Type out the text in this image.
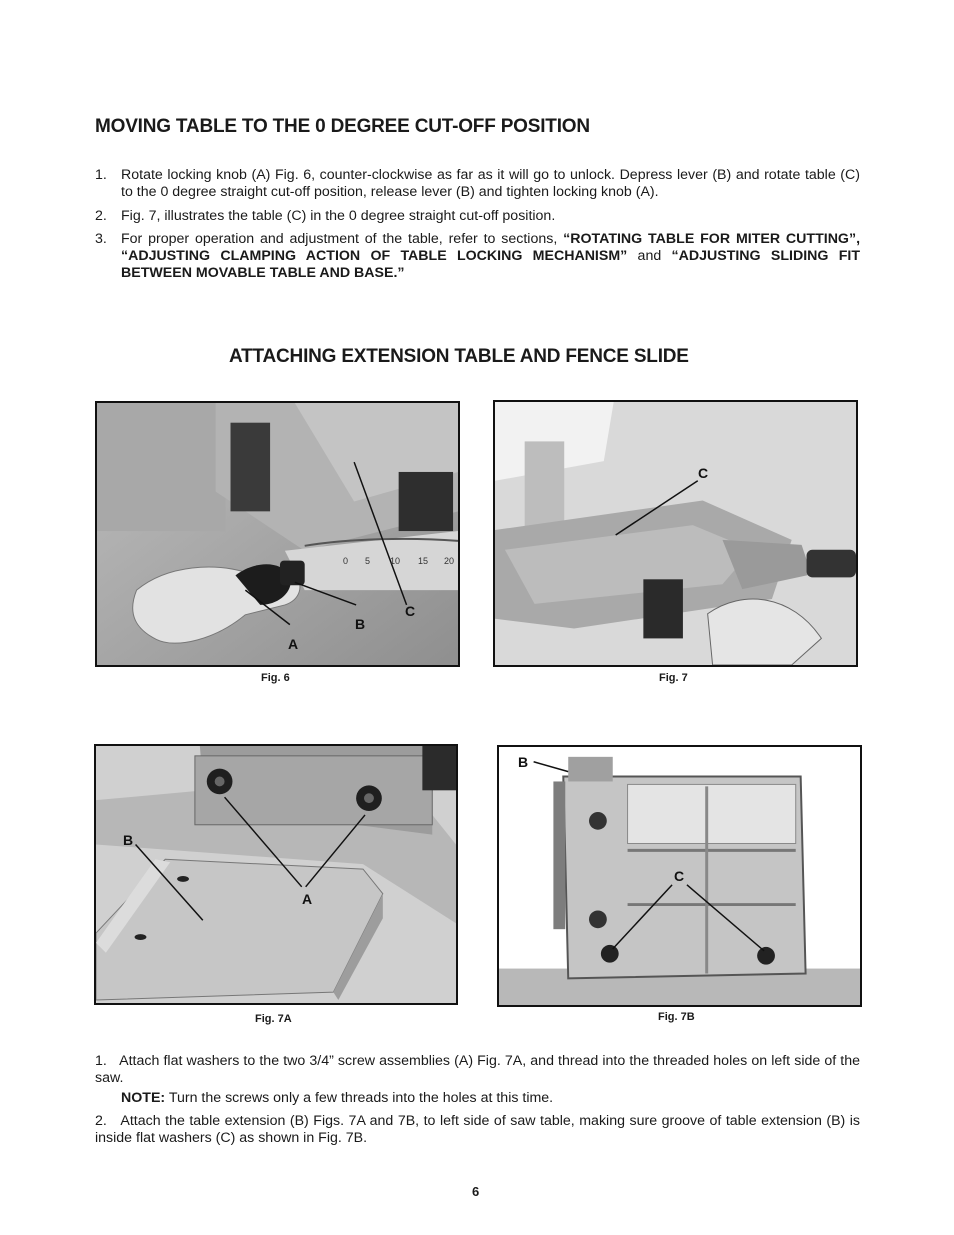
MOVING TABLE TO THE 0 DEGREE CUT-OFF POSITION
1. Rotate locking knob (A) Fig. 6, counter-clockwise as far as it will go to unlock. Depress lever (B) and rotate table (C) to the 0 degree straight cut-off position, release lever (B) and tighten locking knob (A).
2. Fig. 7, illustrates the table (C) in the 0 degree straight cut-off position.
3. For proper operation and adjustment of the table, refer to sections, “ROTATING TABLE FOR MITER CUTTING”, “ADJUSTING CLAMPING ACTION OF TABLE LOCKING MECHANISM” and “ADJUSTING SLIDING FIT BETWEEN MOVABLE TABLE AND BASE.”
ATTACHING EXTENSION TABLE AND FENCE SLIDE
C
B
A
0 5 10 15 20
Fig. 6
C
Fig. 7
A
B
Fig. 7A
B
C
Fig. 7B
1. Attach flat washers to the two 3/4” screw assemblies (A) Fig. 7A, and thread into the threaded holes on left side of the saw.
NOTE: Turn the screws only a few threads into the holes at this time.
2. Attach the table extension (B) Figs. 7A and 7B, to left side of saw table, making sure groove of table extension (B) is inside flat washers (C) as shown in Fig. 7B.
6
